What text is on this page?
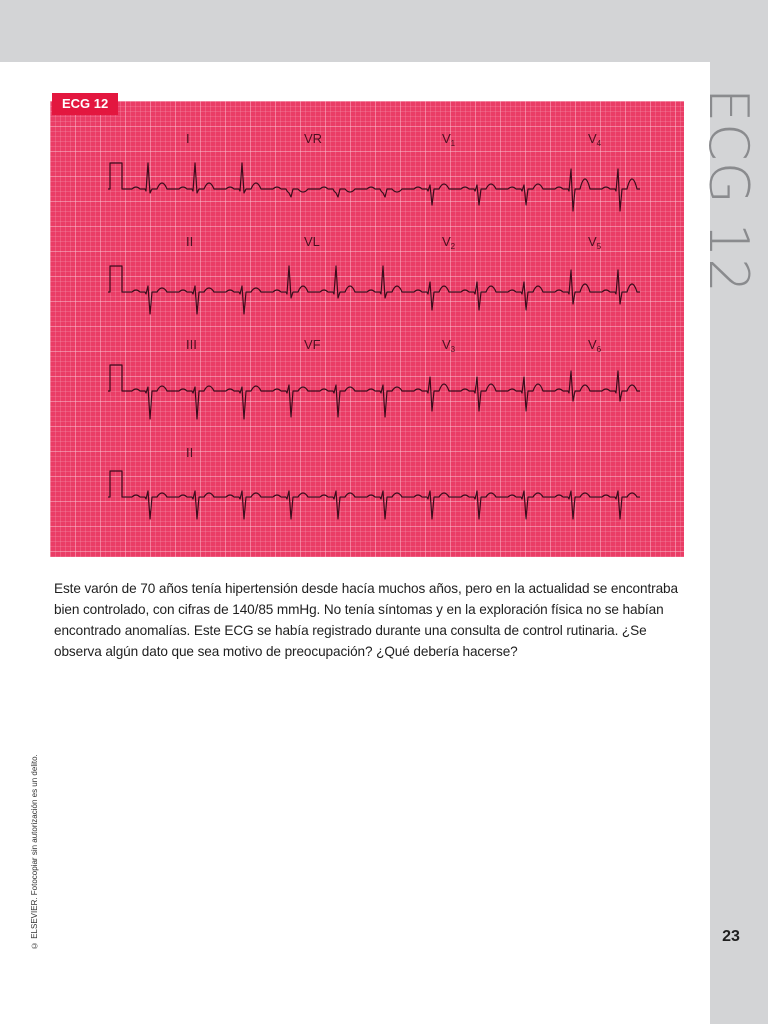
ECG 12
ECG 12
I	VR	$V_1$	$V_4$
II	VL	$V_2$	$V_5$
III	VF	$V_3$	$V_6$
II

Este varón de 70 años tenía hipertensión desde hacía muchos años, pero en la actualidad se encontraba bien controlado, con cifras de 140/85 mmHg. No tenía síntomas y en la exploración física no se habían encontrado anomalías. Este ECG se había registrado durante una consulta de control rutinaria. ¿Se observa algún dato que sea motivo de preocupación? ¿Qué debería hacerse?

© ELSEVIER. Fotocopiar sin autorización es un delito.	23
